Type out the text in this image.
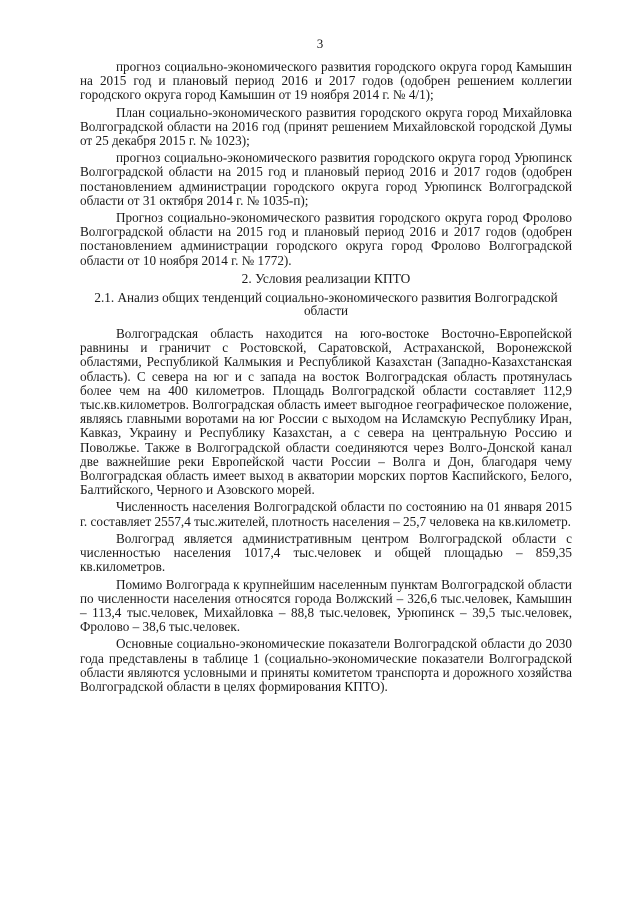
3

прогноз социально-экономического развития городского округа город Камышин на 2015 год и плановый период 2016 и 2017 годов (одобрен решением коллегии городского округа город Камышин от 19 ноября 2014 г. № 4/1);

План социально-экономического развития городского округа город Михайловка Волгоградской области на 2016 год (принят решением Михайловской городской Думы от 25 декабря 2015 г. № 1023);

прогноз социально-экономического развития городского округа город Урюпинск Волгоградской области на 2015 год и плановый период 2016 и 2017 годов (одобрен постановлением администрации городского округа город Урюпинск Волгоградской области от 31 октября 2014 г. № 1035-п);

Прогноз социально-экономического развития городского округа город Фролово Волгоградской области на 2015 год и плановый период 2016 и 2017 годов (одобрен постановлением администрации городского округа город Фролово Волгоградской области от 10 ноября 2014 г. № 1772).

2. Условия реализации КПТО
2.1. Анализ общих тенденций социально-экономического развития Волгоградской области

Волгоградская область находится на юго-востоке Восточно-Европейской равнины и граничит с Ростовской, Саратовской, Астраханской, Воронежской областями, Республикой Калмыкия и Республикой Казахстан (Западно-Казахстанская область). С севера на юг и с запада на восток Волгоградская область протянулась более чем на 400 километров. Площадь Волгоградской области составляет 112,9 тыс.кв.километров. Волгоградская область имеет выгодное географическое положение, являясь главными воротами на юг России с выходом на Исламскую Республику Иран, Кавказ, Украину и Республику Казахстан, а с севера на центральную Россию и Поволжье. Также в Волгоградской области соединяются через Волго-Донской канал две важнейшие реки Европейской части России – Волга и Дон, благодаря чему Волгоградская область имеет выход в акватории морских портов Каспийского, Белого, Балтийского, Черного и Азовского морей.

Численность населения Волгоградской области по состоянию на 01 января 2015 г. составляет 2557,4 тыс.жителей, плотность населения – 25,7 человека на кв.километр.

Волгоград является административным центром Волгоградской области с численностью населения 1017,4 тыс.человек и общей площадью – 859,35 кв.километров.

Помимо Волгограда к крупнейшим населенным пунктам Волгоградской области по численности населения относятся города Волжский – 326,6 тыс.человек, Камышин – 113,4 тыс.человек, Михайловка – 88,8 тыс.человек, Урюпинск – 39,5 тыс.человек, Фролово – 38,6 тыс.человек.

Основные социально-экономические показатели Волгоградской области до 2030 года представлены в таблице 1 (социально-экономические показатели Волгоградской области являются условными и приняты комитетом транспорта и дорожного хозяйства Волгоградской области в целях формирования КПТО).
